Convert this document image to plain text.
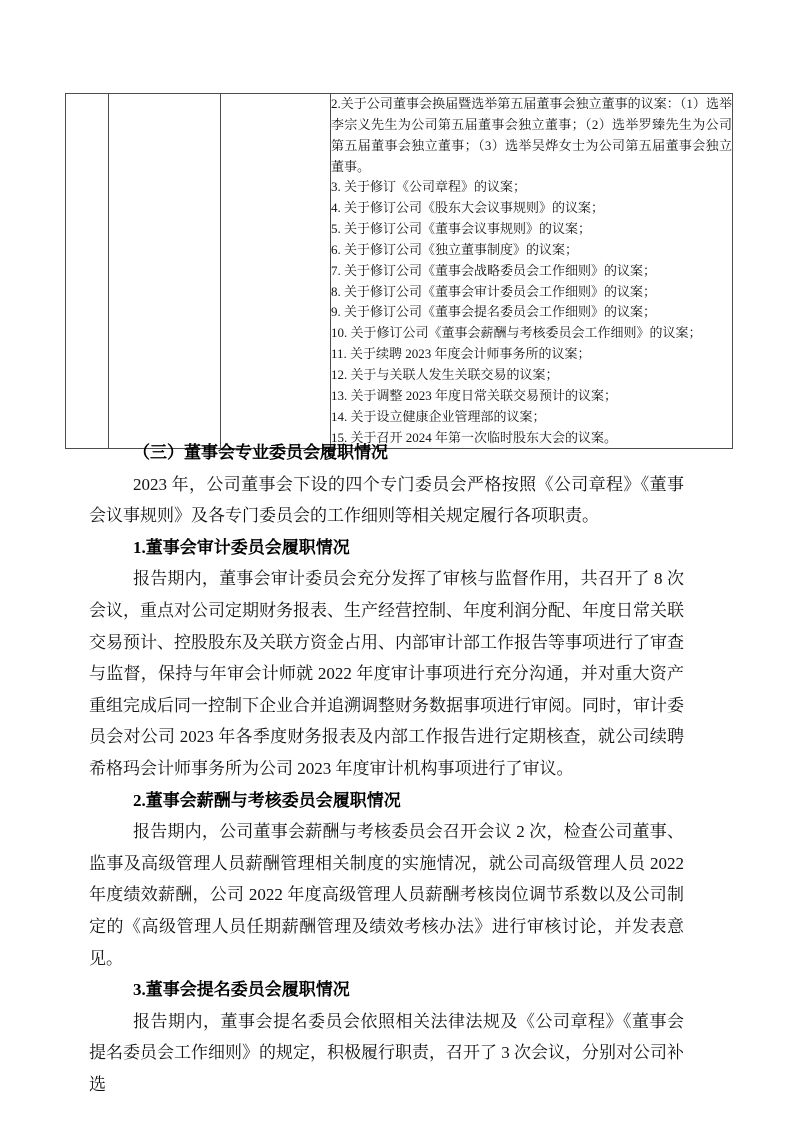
2.关于公司董事会换届暨选举第五届董事会独立董事的议案：（1）选举李宗义先生为公司第五届董事会独立董事；（2）选举罗臻先生为公司第五届董事会独立董事；（3）选举吴烨女士为公司第五届董事会独立董事。
3. 关于修订《公司章程》的议案；
4. 关于修订公司《股东大会议事规则》的议案；
5. 关于修订公司《董事会议事规则》的议案；
6. 关于修订公司《独立董事制度》的议案；
7. 关于修订公司《董事会战略委员会工作细则》的议案；
8. 关于修订公司《董事会审计委员会工作细则》的议案；
9. 关于修订公司《董事会提名委员会工作细则》的议案；
10. 关于修订公司《董事会薪酬与考核委员会工作细则》的议案；
11. 关于续聘 2023 年度会计师事务所的议案；
12. 关于与关联人发生关联交易的议案；
13. 关于调整 2023 年度日常关联交易预计的议案；
14. 关于设立健康企业管理部的议案；
15. 关于召开 2024 年第一次临时股东大会的议案。
（三）董事会专业委员会履职情况

2023 年，公司董事会下设的四个专门委员会严格按照《公司章程》《董事会议事规则》及各专门委员会的工作细则等相关规定履行各项职责。

1.董事会审计委员会履职情况

报告期内，董事会审计委员会充分发挥了审核与监督作用，共召开了 8 次会议，重点对公司定期财务报表、生产经营控制、年度利润分配、年度日常关联交易预计、控股股东及关联方资金占用、内部审计部工作报告等事项进行了审查与监督，保持与年审会计师就 2022 年度审计事项进行充分沟通，并对重大资产重组完成后同一控制下企业合并追溯调整财务数据事项进行审阅。同时，审计委员会对公司 2023 年各季度财务报表及内部工作报告进行定期核查，就公司续聘希格玛会计师事务所为公司 2023 年度审计机构事项进行了审议。

2.董事会薪酬与考核委员会履职情况

报告期内，公司董事会薪酬与考核委员会召开会议 2 次，检查公司董事、监事及高级管理人员薪酬管理相关制度的实施情况，就公司高级管理人员 2022 年度绩效薪酬，公司 2022 年度高级管理人员薪酬考核岗位调节系数以及公司制定的《高级管理人员任期薪酬管理及绩效考核办法》进行审核讨论，并发表意见。

3.董事会提名委员会履职情况

报告期内，董事会提名委员会依照相关法律法规及《公司章程》《董事会提名委员会工作细则》的规定，积极履行职责，召开了 3 次会议，分别对公司补选
